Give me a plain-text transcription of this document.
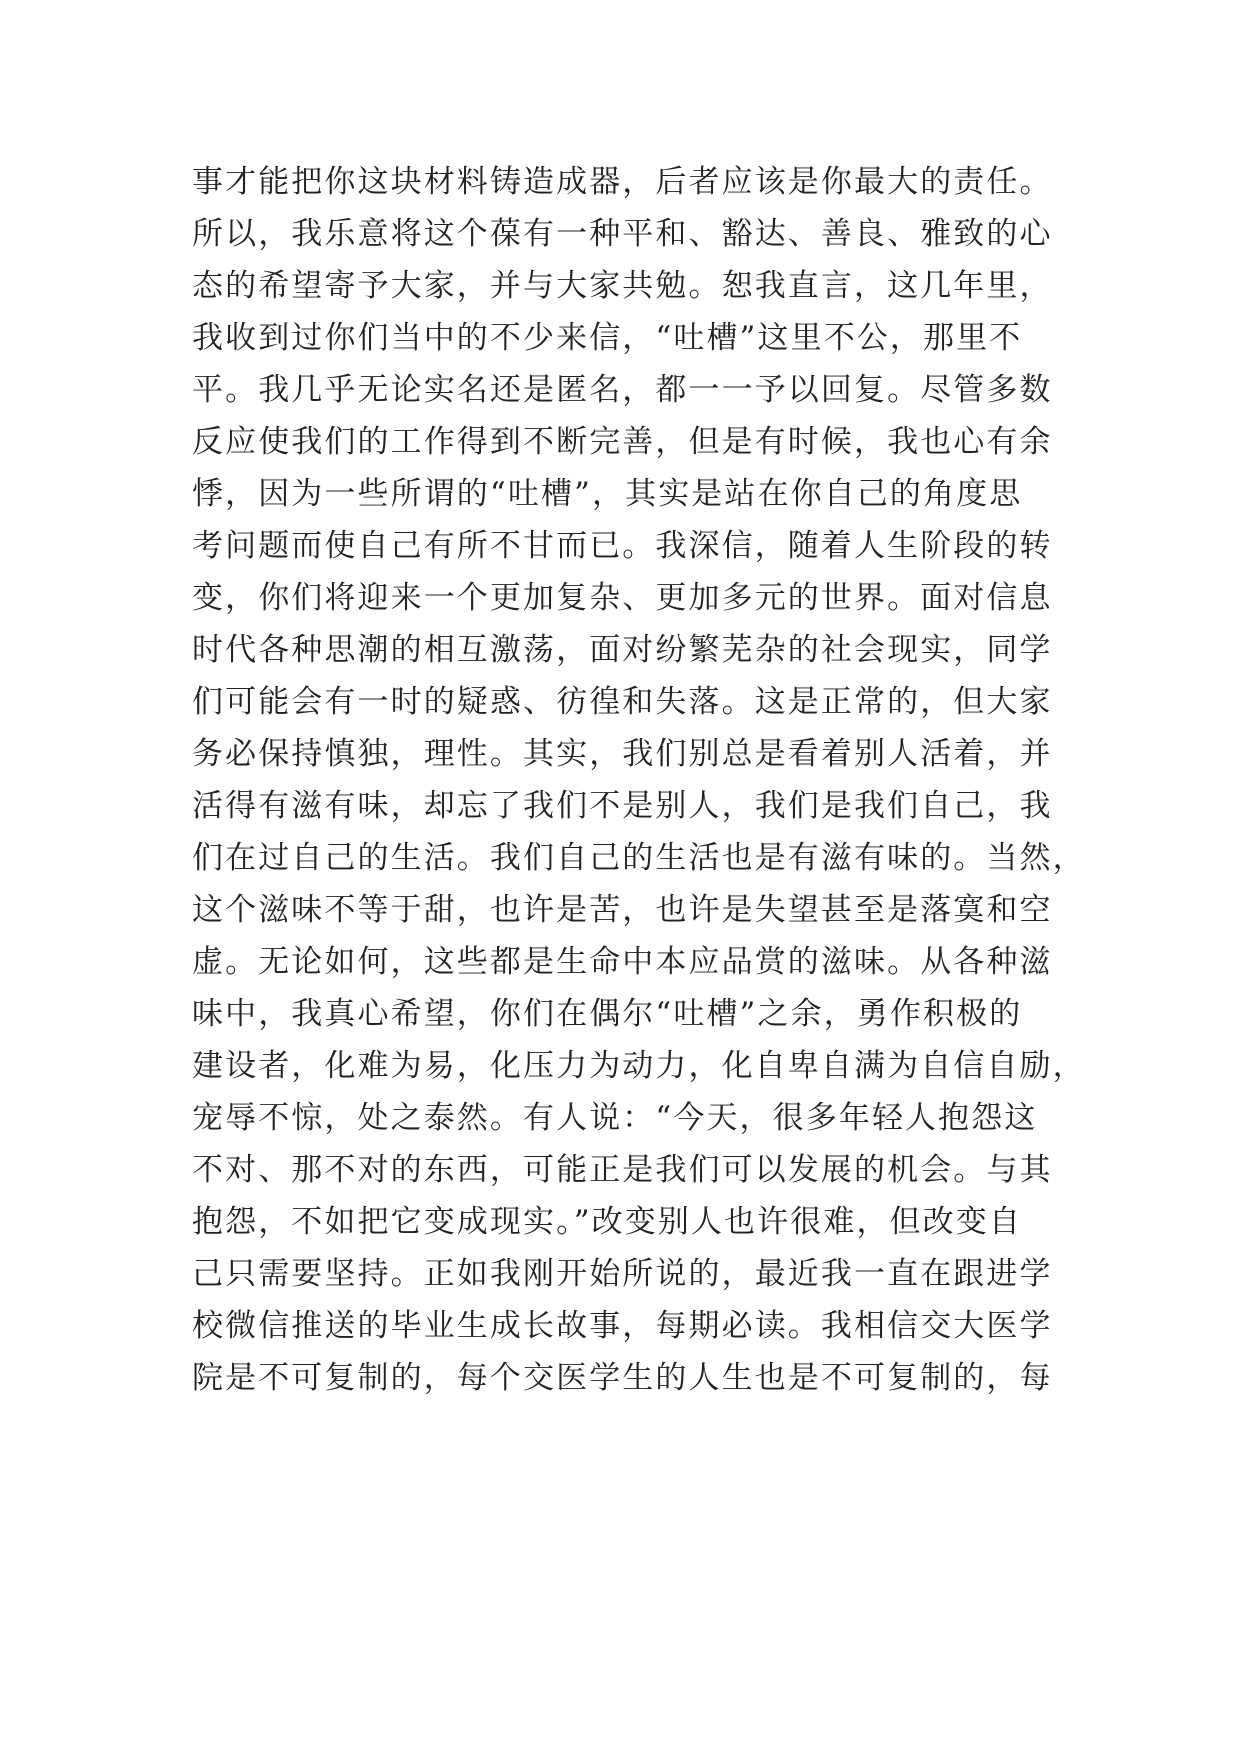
事才能把你这块材料铸造成器，后者应该是你最大的责任。
所以，我乐意将这个葆有一种平和、豁达、善良、雅致的心
态的希望寄予大家，并与大家共勉。恕我直言，这几年里，
我收到过你们当中的不少来信，“吐槽”这里不公，那里不
平。我几乎无论实名还是匿名，都一一予以回复。尽管多数
反应使我们的工作得到不断完善，但是有时候，我也心有余
悸，因为一些所谓的“吐槽”，其实是站在你自己的角度思
考问题而使自己有所不甘而已。我深信，随着人生阶段的转
变，你们将迎来一个更加复杂、更加多元的世界。面对信息
时代各种思潮的相互激荡，面对纷繁芜杂的社会现实，同学
们可能会有一时的疑惑、彷徨和失落。这是正常的，但大家
务必保持慎独，理性。其实，我们别总是看着别人活着，并
活得有滋有味，却忘了我们不是别人，我们是我们自己，我
们在过自己的生活。我们自己的生活也是有滋有味的。当然，
这个滋味不等于甜，也许是苦，也许是失望甚至是落寞和空
虚。无论如何，这些都是生命中本应品赏的滋味。从各种滋
味中，我真心希望，你们在偶尔“吐槽”之余，勇作积极的
建设者，化难为易，化压力为动力，化自卑自满为自信自励，
宠辱不惊，处之泰然。有人说：“今天，很多年轻人抱怨这
不对、那不对的东西，可能正是我们可以发展的机会。与其
抱怨，不如把它变成现实。”改变别人也许很难，但改变自
己只需要坚持。正如我刚开始所说的，最近我一直在跟进学
校微信推送的毕业生成长故事，每期必读。我相信交大医学
院是不可复制的，每个交医学生的人生也是不可复制的，每
